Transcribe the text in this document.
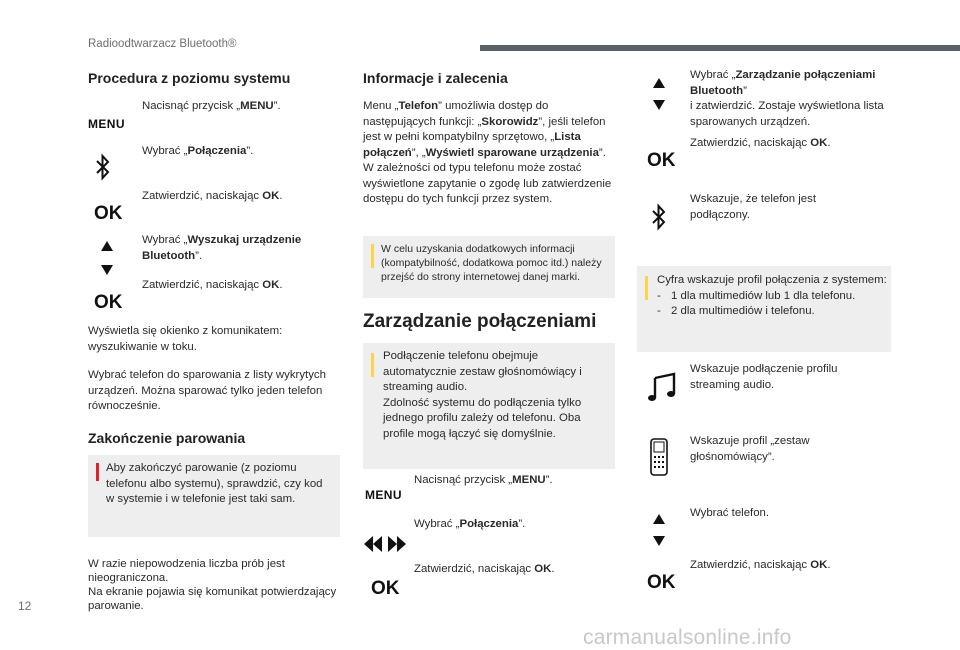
Radioodtwarzacz Bluetooth®
Procedura z poziomu systemu
MENU
Nacisnąć przycisk „MENU”.
Wybrać „Połączenia”.
OK
Zatwierdzić, naciskając OK.
Wybrać „Wyszukaj urządzenie Bluetooth”.
OK
Zatwierdzić, naciskając OK.
Wyświetla się okienko z komunikatem: wyszukiwanie w toku.
Wybrać telefon do sparowania z listy wykrytych urządzeń. Można sparować tylko jeden telefon równocześnie.
Zakończenie parowania
Aby zakończyć parowanie (z poziomu telefonu albo systemu), sprawdzić, czy kod w systemie i w telefonie jest taki sam.
W razie niepowodzenia liczba prób jest nieograniczona.
Na ekranie pojawia się komunikat potwierdzający parowanie.
Informacje i zalecenia
Menu „Telefon” umożliwia dostęp do następujących funkcji: „Skorowidz”, jeśli telefon jest w pełni kompatybilny sprzętowo, „Lista połączeń”, „Wyświetl sparowane urządzenia”.
W zależności od typu telefonu może zostać wyświetlone zapytanie o zgodę lub zatwierdzenie dostępu do tych funkcji przez system.
W celu uzyskania dodatkowych informacji (kompatybilność, dodatkowa pomoc itd.) należy przejść do strony internetowej danej marki.
Zarządzanie połączeniami
Podłączenie telefonu obejmuje automatycznie zestaw głośnomówiący i streaming audio.
Zdolność systemu do podłączenia tylko jednego profilu zależy od telefonu. Oba profile mogą łączyć się domyślnie.
MENU
Nacisnąć przycisk „MENU”.
Wybrać „Połączenia”.
OK
Zatwierdzić, naciskając OK.
Wybrać „Zarządzanie połączeniami Bluetooth”
i zatwierdzić. Zostaje wyświetlona lista sparowanych urządzeń.
OK
Zatwierdzić, naciskając OK.
Wskazuje, że telefon jest podłączony.
Cyfra wskazuje profil połączenia z systemem:
- 1 dla multimediów lub 1 dla telefonu.
- 2 dla multimediów i telefonu.
Wskazuje podłączenie profilu streaming audio.
Wskazuje profil „zestaw głośnomówiący”.
Wybrać telefon.
OK
Zatwierdzić, naciskając OK.
12
carmanualsonline.info
